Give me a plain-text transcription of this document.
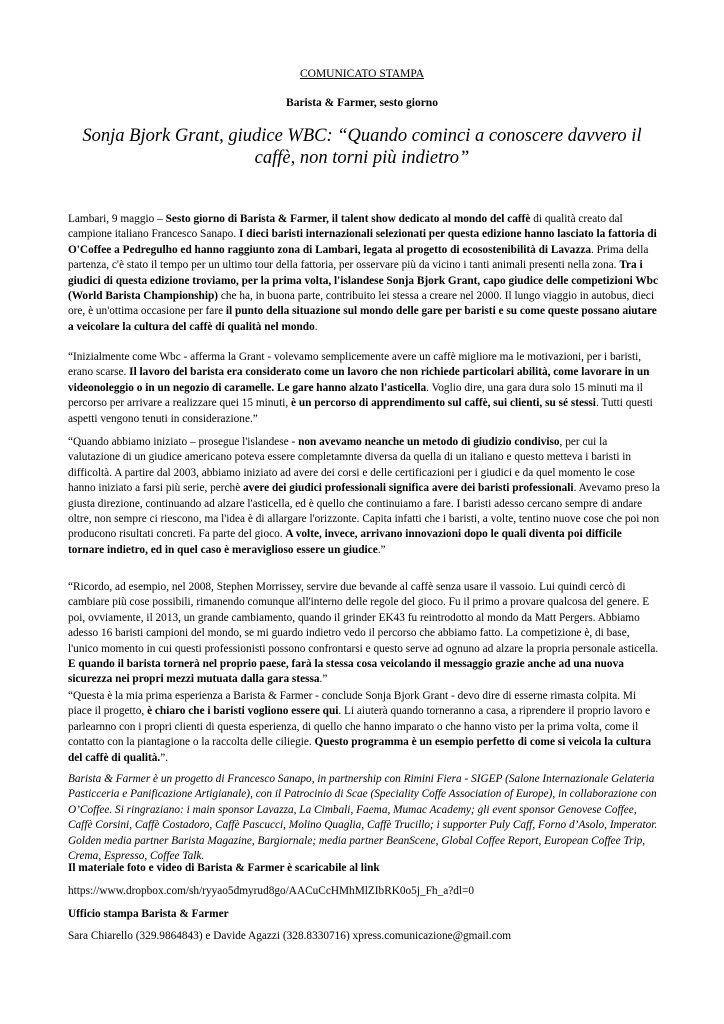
COMUNICATO STAMPA
Barista & Farmer, sesto giorno
Sonja Bjork Grant, giudice WBC: “Quando cominci a conoscere davvero il caffè, non torni più indietro”

Lambari, 9 maggio – Sesto giorno di Barista & Farmer, il talent show dedicato al mondo del caffè di qualità creato dal campione italiano Francesco Sanapo. I dieci baristi internazionali selezionati per questa edizione hanno lasciato la fattoria di O'Coffee a Pedregulho ed hanno raggiunto zona di Lambari, legata al progetto di ecosostenibilità di Lavazza. Prima della partenza, c'è stato il tempo per un ultimo tour della fattoria, per osservare più da vicino i tanti animali presenti nella zona. Tra i giudici di questa edizione troviamo, per la prima volta, l'islandese Sonja Bjork Grant, capo giudice delle competizioni Wbc (World Barista Championship) che ha, in buona parte, contribuito lei stessa a creare nel 2000. Il lungo viaggio in autobus, dieci ore, è un'ottima occasione per fare il punto della situazione sul mondo delle gare per baristi e su come queste possano aiutare a veicolare la cultura del caffè di qualità nel mondo.

“Inizialmente come Wbc - afferma la Grant - volevamo semplicemente avere un caffè migliore ma le motivazioni, per i baristi, erano scarse. Il lavoro del barista era considerato come un lavoro che non richiede particolari abilità, come lavorare in un videonoleggio o in un negozio di caramelle. Le gare hanno alzato l'asticella. Voglio dire, una gara dura solo 15 minuti ma il percorso per arrivare a realizzare quei 15 minuti, è un percorso di apprendimento sul caffè, sui clienti, su sé stessi. Tutti questi aspetti vengono tenuti in considerazione.”

“Quando abbiamo iniziato – prosegue l'islandese - non avevamo neanche un metodo di giudizio condiviso, per cui la valutazione di un giudice americano poteva essere completamnte diversa da quella di un italiano e questo metteva i baristi in difficoltà. A partire dal 2003, abbiamo iniziato ad avere dei corsi e delle certificazioni per i giudici e da quel momento le cose hanno iniziato a farsi più serie, perchè avere dei giudici professionali significa avere dei baristi professionali. Avevamo preso la giusta direzione, continuando ad alzare l'asticella, ed è quello che continuiamo a fare. I baristi adesso cercano sempre di andare oltre, non sempre ci riescono, ma l'idea è di allargare l'orizzonte. Capita infatti che i baristi, a volte, tentino nuove cose che poi non producono risultati concreti. Fa parte del gioco. A volte, invece, arrivano innovazioni dopo le quali diventa poi difficile tornare indietro, ed in quel caso è meraviglioso essere un giudice.”

“Ricordo, ad esempio, nel 2008, Stephen Morrissey, servire due bevande al caffè senza usare il vassoio. Lui quindi cercò di cambiare più cose possibili, rimanendo comunque all'interno delle regole del gioco. Fu il primo a provare qualcosa del genere. E poi, ovviamente, il 2013, un grande cambiamento, quando il grinder EK43 fu reintrodotto al mondo da Matt Pergers. Abbiamo adesso 16 baristi campioni del mondo, se mi guardo indietro vedo il percorso che abbiamo fatto. La competizione è, di base, l'unico momento in cui questi professionisti possono confrontarsi e questo serve ad ognuno ad alzare la propria personale asticella. E quando il barista tornerà nel proprio paese, farà la stessa cosa veicolando il messaggio grazie anche ad una nuova sicurezza nei propri mezzi mutuata dalla gara stessa.”

“Questa è la mia prima esperienza a Barista & Farmer - conclude Sonja Bjork Grant - devo dire di esserne rimasta colpita. Mi piace il progetto, è chiaro che i baristi vogliono essere qui. Li aiuterà quando torneranno a casa, a riprendere il proprio lavoro e parlearnno con i propri clienti di questa esperienza, di quello che hanno imparato o che hanno visto per la prima volta, come il contatto con la piantagione o la raccolta delle ciliegie. Questo programma è un esempio perfetto di come si veicola la cultura del caffè di qualità.”.

Barista & Farmer è un progetto di Francesco Sanapo, in partnership con Rimini Fiera - SIGEP (Salone Internazionale Gelateria Pasticceria e Panificazione Artigianale), con il Patrocinio di Scae (Speciality Coffe Association of Europe), in collaborazione con O’Coffee. Si ringraziano: i main sponsor Lavazza, La Cimbali, Faema, Mumac Academy; gli event sponsor Genovese Coffee, Caffè Corsini, Caffè Costadoro, Caffè Pascucci, Molino Quaglia, Caffè Trucillo; i supporter Puly Caff, Forno d’Asolo, Imperator. Golden media partner Barista Magazine, Bargiornale; media partner BeanScene, Global Coffee Report, European Coffee Trip, Crema, Espresso, Coffee Talk.

Il materiale foto e video di Barista & Farmer è scaricabile al link

https://www.dropbox.com/sh/ryyao5dmyrud8go/AACuCcHMhMlZIbRK0o5j_Fh_a?dl=0

Ufficio stampa Barista & Farmer

Sara Chiarello (329.9864843) e Davide Agazzi (328.8330716) xpress.comunicazione@gmail.com
